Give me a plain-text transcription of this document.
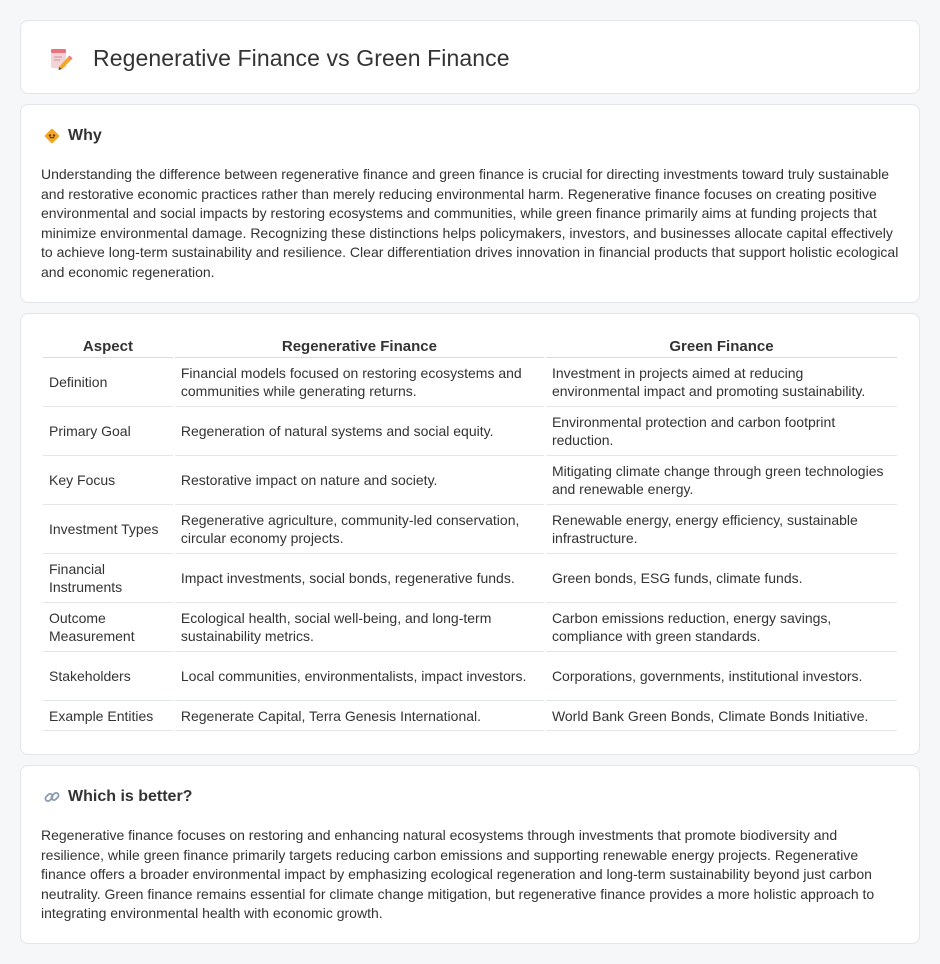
Regenerative Finance vs Green Finance
Why

Understanding the difference between regenerative finance and green finance is crucial for directing investments toward truly sustainable and restorative economic practices rather than merely reducing environmental harm. Regenerative finance focuses on creating positive environmental and social impacts by restoring ecosystems and communities, while green finance primarily aims at funding projects that minimize environmental damage. Recognizing these distinctions helps policymakers, investors, and businesses allocate capital effectively to achieve long-term sustainability and resilience. Clear differentiation drives innovation in financial products that support holistic ecological and economic regeneration.

Aspect	Regenerative Finance	Green Finance
Definition	Financial models focused on restoring ecosystems and communities while generating returns.	Investment in projects aimed at reducing environmental impact and promoting sustainability.
Primary Goal	Regeneration of natural systems and social equity.	Environmental protection and carbon footprint reduction.
Key Focus	Restorative impact on nature and society.	Mitigating climate change through green technologies and renewable energy.
Investment Types	Regenerative agriculture, community-led conservation, circular economy projects.	Renewable energy, energy efficiency, sustainable infrastructure.
Financial Instruments	Impact investments, social bonds, regenerative funds.	Green bonds, ESG funds, climate funds.
Outcome Measurement	Ecological health, social well-being, and long-term sustainability metrics.	Carbon emissions reduction, energy savings, compliance with green standards.
Stakeholders	Local communities, environmentalists, impact investors.	Corporations, governments, institutional investors.
Example Entities	Regenerate Capital, Terra Genesis International.	World Bank Green Bonds, Climate Bonds Initiative.
Which is better?

Regenerative finance focuses on restoring and enhancing natural ecosystems through investments that promote biodiversity and resilience, while green finance primarily targets reducing carbon emissions and supporting renewable energy projects. Regenerative finance offers a broader environmental impact by emphasizing ecological regeneration and long-term sustainability beyond just carbon neutrality. Green finance remains essential for climate change mitigation, but regenerative finance provides a more holistic approach to integrating environmental health with economic growth.
